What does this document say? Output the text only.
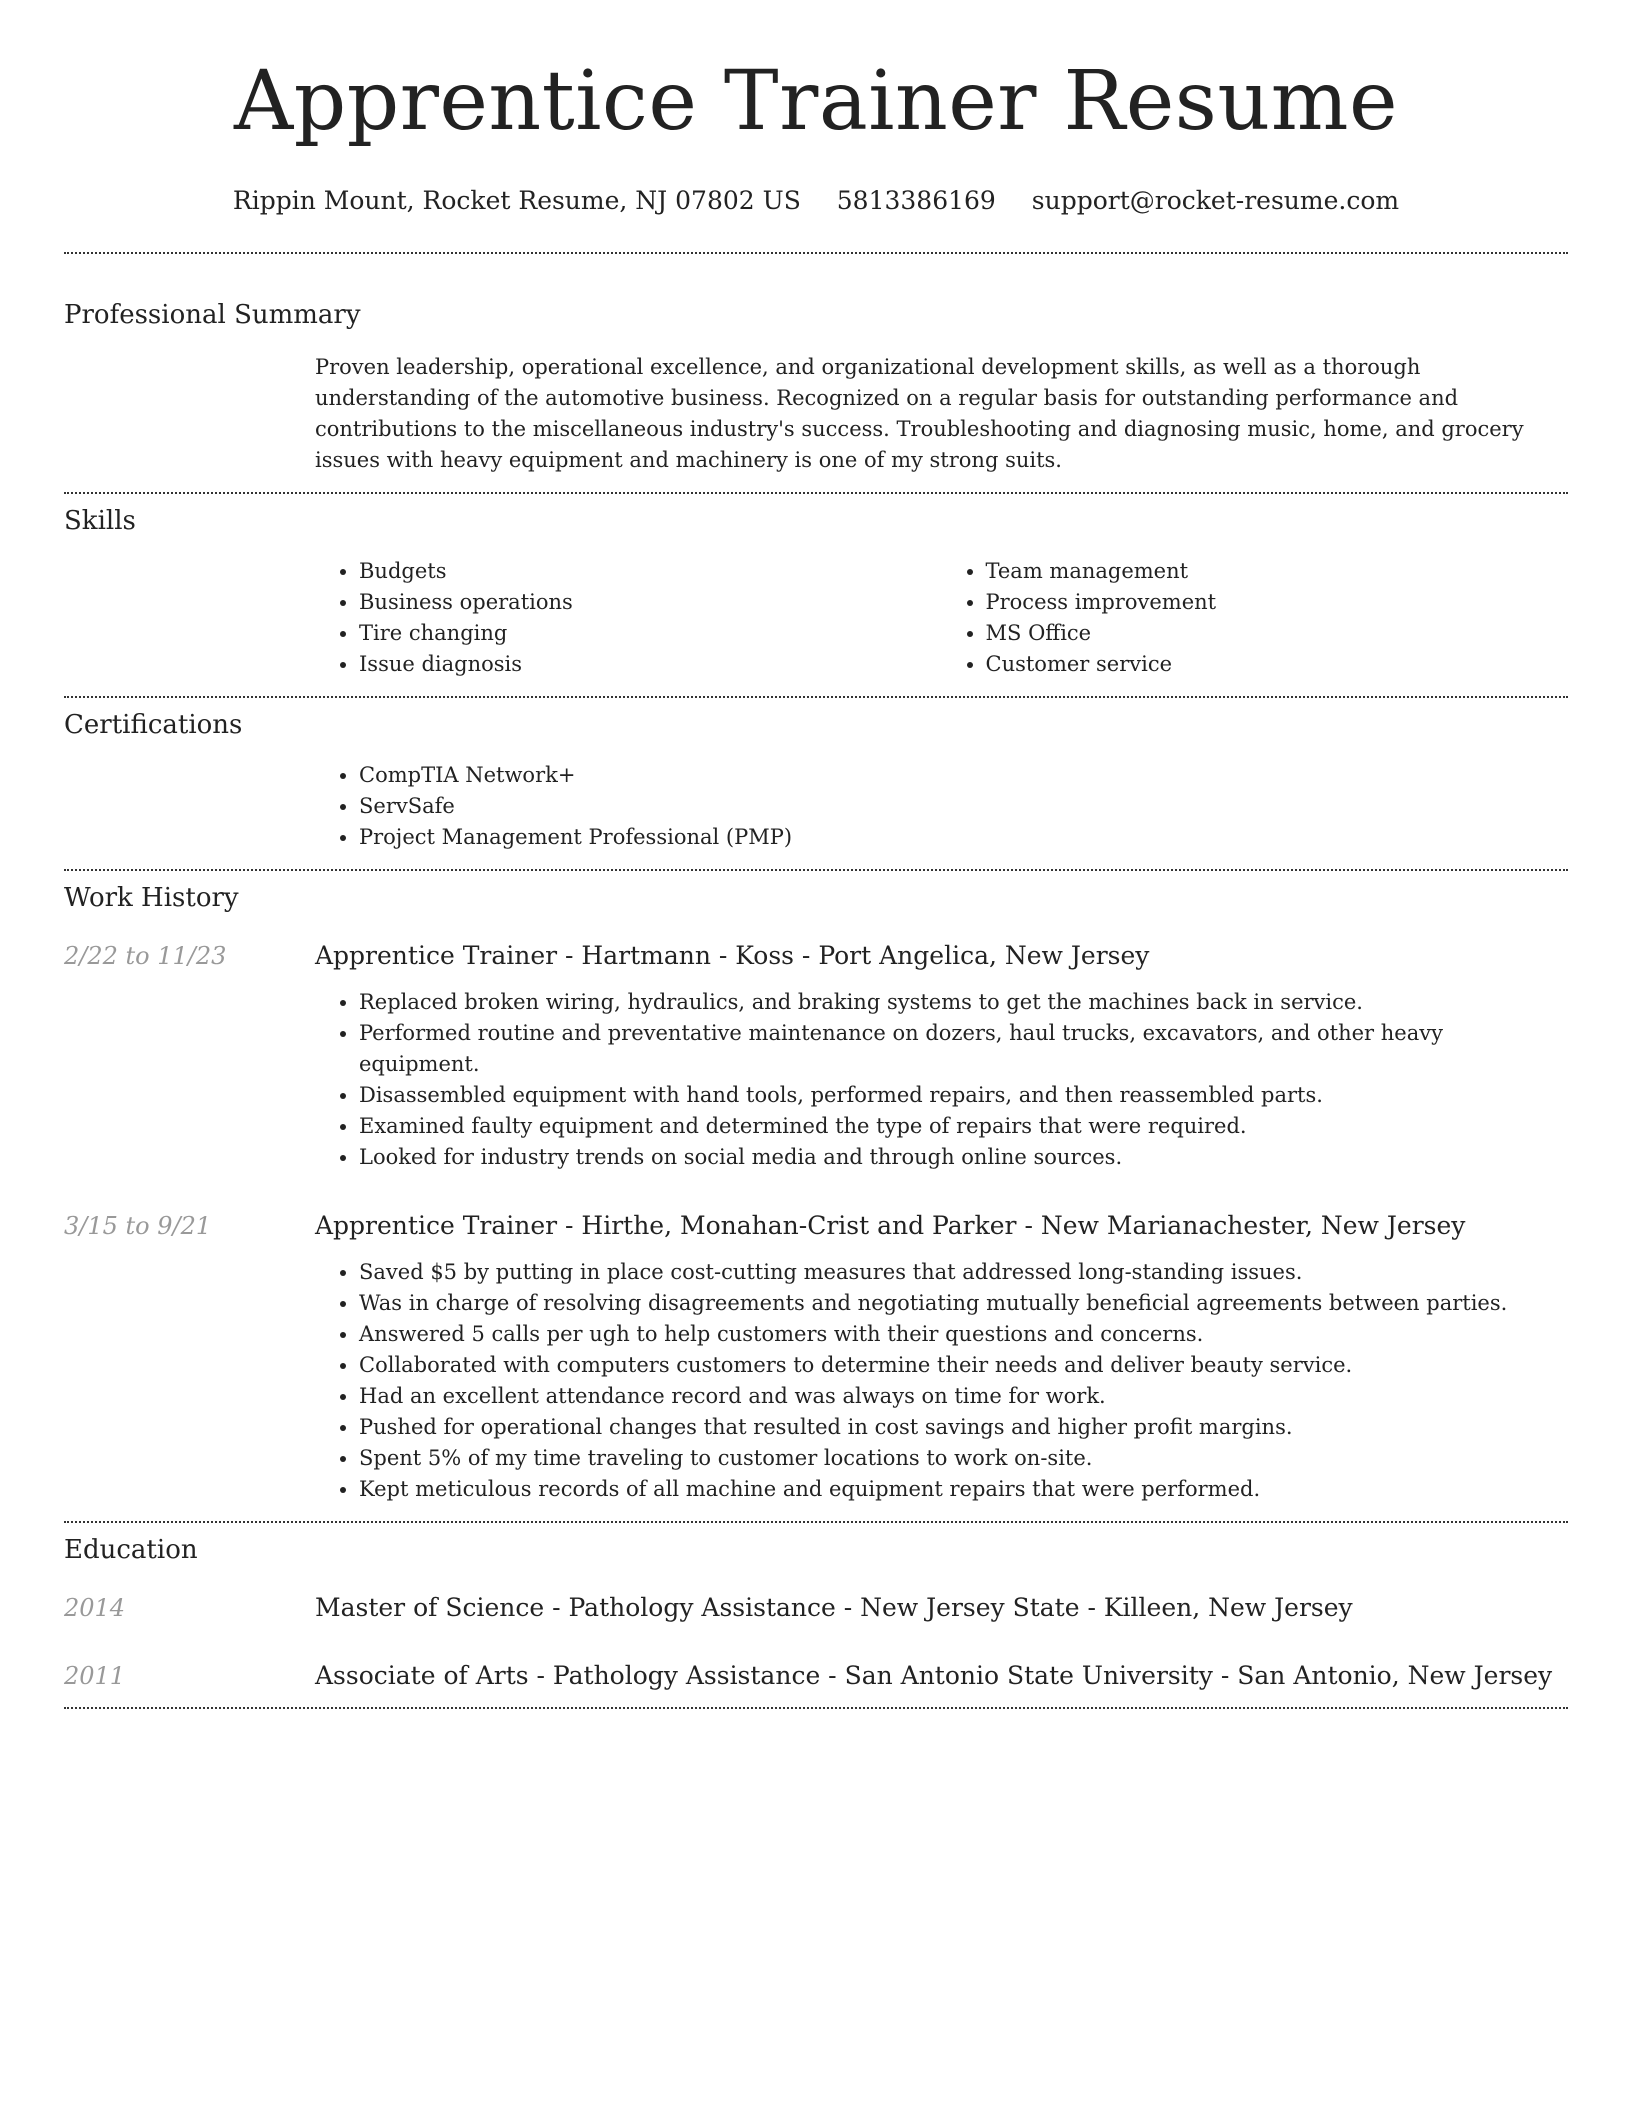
Apprentice Trainer Resume
Rippin Mount, Rocket Resume, NJ 07802 US 5813386169 support@rocket-resume.com
Professional Summary

Proven leadership, operational excellence, and organizational development skills, as well as a thorough understanding of the automotive business. Recognized on a regular basis for outstanding performance and contributions to the miscellaneous industry's success. Troubleshooting and diagnosing music, home, and grocery issues with heavy equipment and machinery is one of my strong suits.

Skills
• Budgets
• Business operations
• Tire changing
• Issue diagnosis
• Team management
• Process improvement
• MS Office
• Customer service
Certifications
• CompTIA Network+
• ServSafe
• Project Management Professional (PMP)
Work History
2/22 to 11/23	Apprentice Trainer - Hartmann - Koss - Port Angelica, New Jersey
• Replaced broken wiring, hydraulics, and braking systems to get the machines back in service.
• Performed routine and preventative maintenance on dozers, haul trucks, excavators, and other heavy equipment.
• Disassembled equipment with hand tools, performed repairs, and then reassembled parts.
• Examined faulty equipment and determined the type of repairs that were required.
• Looked for industry trends on social media and through online sources.
3/15 to 9/21	Apprentice Trainer - Hirthe, Monahan-Crist and Parker - New Marianachester, New Jersey
• Saved $5 by putting in place cost-cutting measures that addressed long-standing issues.
• Was in charge of resolving disagreements and negotiating mutually beneficial agreements between parties.
• Answered 5 calls per ugh to help customers with their questions and concerns.
• Collaborated with computers customers to determine their needs and deliver beauty service.
• Had an excellent attendance record and was always on time for work.
• Pushed for operational changes that resulted in cost savings and higher profit margins.
• Spent 5% of my time traveling to customer locations to work on-site.
• Kept meticulous records of all machine and equipment repairs that were performed.
Education
2014	Master of Science - Pathology Assistance - New Jersey State - Killeen, New Jersey
2011	Associate of Arts - Pathology Assistance - San Antonio State University - San Antonio, New Jersey
